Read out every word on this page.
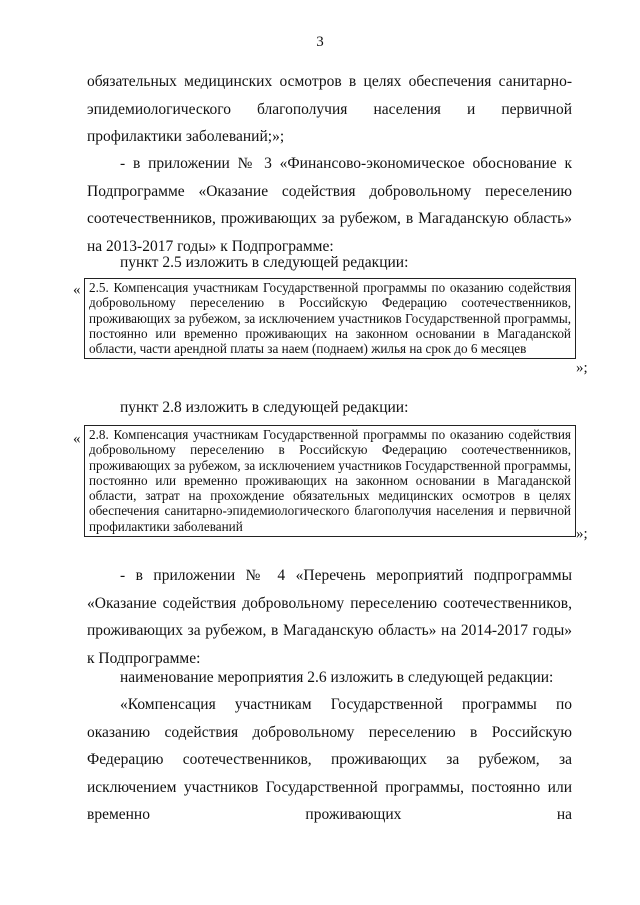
3
обязательных медицинских осмотров в целях обеспечения санитарно-эпидемиологического благополучия населения и первичной профилактики заболеваний;»;
- в приложении № 3 «Финансово-экономическое обоснование к Подпрограмме «Оказание содействия добровольному переселению соотечественников, проживающих за рубежом, в Магаданскую область» на 2013-2017 годы» к Подпрограмме:
пункт 2.5 изложить в следующей редакции:
« 2.5. Компенсация участникам Государственной программы по оказанию содействия добровольному переселению в Российскую Федерацию соотечественников, проживающих за рубежом, за исключением участников Государственной программы, постоянно или временно проживающих на законном основании в Магаданской области, части арендной платы за наем (поднаем) жилья на срок до 6 месяцев
»;
пункт 2.8 изложить в следующей редакции:
« 2.8. Компенсация участникам Государственной программы по оказанию содействия добровольному переселению в Российскую Федерацию соотечественников, проживающих за рубежом, за исключением участников Государственной программы, постоянно или временно проживающих на законном основании в Магаданской области, затрат на прохождение обязательных медицинских осмотров в целях обеспечения санитарно-эпидемиологического благополучия населения и первичной профилактики заболеваний	»;
- в приложении № 4 «Перечень мероприятий подпрограммы «Оказание содействия добровольному переселению соотечественников, проживающих за рубежом, в Магаданскую область» на 2014-2017 годы» к Подпрограмме:
наименование мероприятия 2.6 изложить в следующей редакции:
«Компенсация участникам Государственной программы по оказанию содействия добровольному переселению в Российскую Федерацию соотечественников, проживающих за рубежом, за исключением участников Государственной программы, постоянно или временно проживающих на
